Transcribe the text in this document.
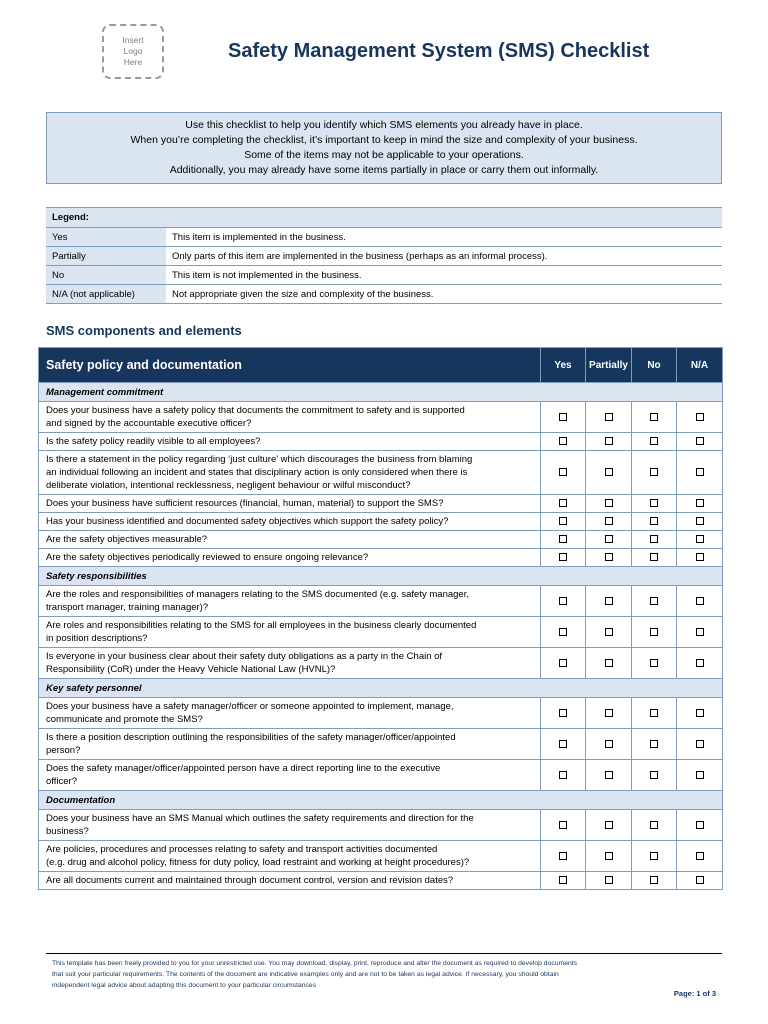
Insert
Logo
Here	Safety Management System (SMS) Checklist
Use this checklist to help you identify which SMS elements you already have in place.
When you’re completing the checklist, it’s important to keep in mind the size and complexity of your business.
Some of the items may not be applicable to your operations.
Additionally, you may already have some items partially in place or carry them out informally.
Legend:	
Yes	This item is implemented in the business.
Partially	Only parts of this item are implemented in the business (perhaps as an informal process).
No	This item is not implemented in the business.
N/A (not applicable)	Not appropriate given the size and complexity of the business.
SMS components and elements
Safety policy and documentation	Yes	Partially	No	N/A
Management commitment				

Does your business have a safety policy that documents the commitment to safety and is supported
and signed by the accountable executive officer?				

Is the safety policy readily visible to all employees?				

Is there a statement in the policy regarding ‘just culture’ which discourages the business from blaming
an individual following an incident and states that disciplinary action is only considered when there is
deliberate violation, intentional recklessness, negligent behaviour or wilful misconduct?				

Does your business have sufficient resources (financial, human, material) to support the SMS?				

Has your business identified and documented safety objectives which support the safety policy?				

Are the safety objectives measurable?				

Are the safety objectives periodically reviewed to ensure ongoing relevance?				

Safety responsibilities				

Are the roles and responsibilities of managers relating to the SMS documented (e.g. safety manager,
transport manager, training manager)?				

Are roles and responsibilities relating to the SMS for all employees in the business clearly documented
in position descriptions?				

Is everyone in your business clear about their safety duty obligations as a party in the Chain of
Responsibility (CoR) under the Heavy Vehicle National Law (HVNL)?				

Key safety personnel				

Does your business have a safety manager/officer or someone appointed to implement, manage,
communicate and promote the SMS?				

Is there a position description outlining the responsibilities of the safety manager/officer/appointed
person?				

Does the safety manager/officer/appointed person have a direct reporting line to the executive
officer?				

Documentation				

Does your business have an SMS Manual which outlines the safety requirements and direction for the
business?				

Are policies, procedures and processes relating to safety and transport activities documented
(e.g. drug and alcohol policy, fitness for duty policy, load restraint and working at height procedures)?				

Are all documents current and maintained through document control, version and revision dates?				

This template has been freely provided to you for your unrestricted use. You may download, display, print, reproduce and alter the document as required to develop documents
that suit your particular requirements. The contents of the document are indicative examples only and are not to be taken as legal advice. If necessary, you should obtain
independent legal advice about adapting this document to your particular circumstances
Page: 1 of 3
